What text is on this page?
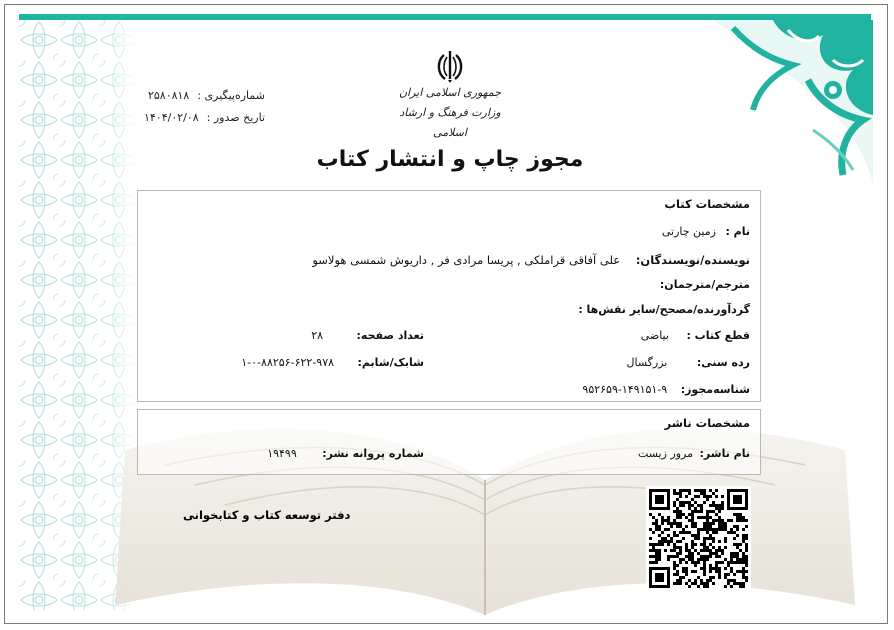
شماره‌پیگیری :
۲۵۸۰۸۱۸
تاریخ صدور :
۱۴۰۴/۰۲/۰۸
جمهوری اسلامی ایران
وزارت فرهنگ و ارشاد اسلامی
مجوز چاپ و انتشار کتاب
مشخصات کتاب
نام : زمین چارتی
نویسنده/نویسندگان: علی آفاقی قراملکی , پریسا مرادی فر , داریوش شمسی هولاسو
مترجم/مترجمان:
گردآورنده/مصحح/سایر نقش‌ها :
قطع کتاب : بیاضی
تعداد صفحه: ۲۸
رده سنی: بزرگسال
شابک/شابم: ۹۷۸-۶۲۲-۸۸۲۵۶-۰-۱
شناسه‌مجوز: ۹-۱۴۹۱۵۱-۹۵۲۶۵۹
مشخصات ناشر
نام ناشر: مرور زیست
شماره پروانه نشر: ۱۹۴۹۹
دفتر توسعه کتاب و کتابخوانی
